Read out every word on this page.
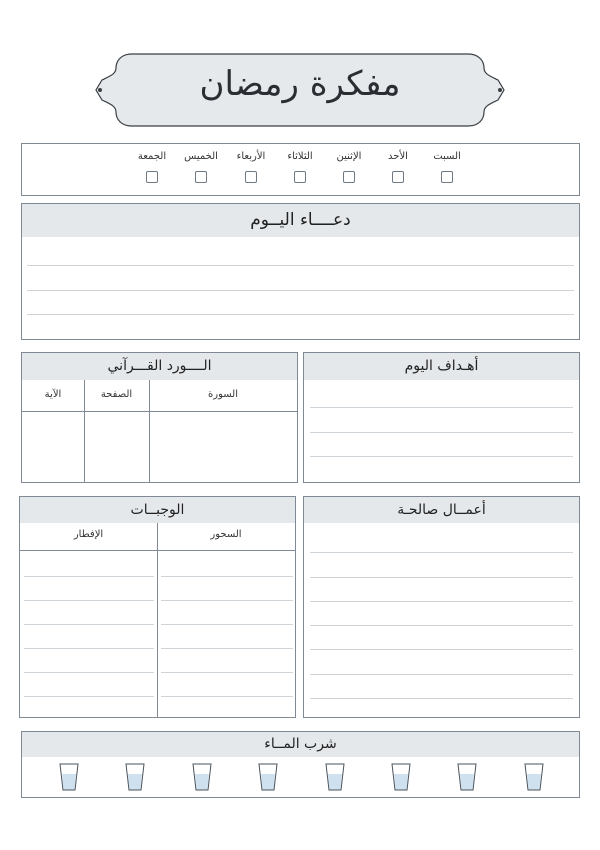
مفكرة رمضان
السبت
الأحد
الإثنين
الثلاثاء
الأربعاء
الخميس
الجمعة
دعــــاء اليــوم
الــــورد القـــرآني
الآية	الصفحة	السورة
أهـداف اليوم
الوجبــات
الإفطار	السحور
أعمــال صالحـة
شرب المــاء
